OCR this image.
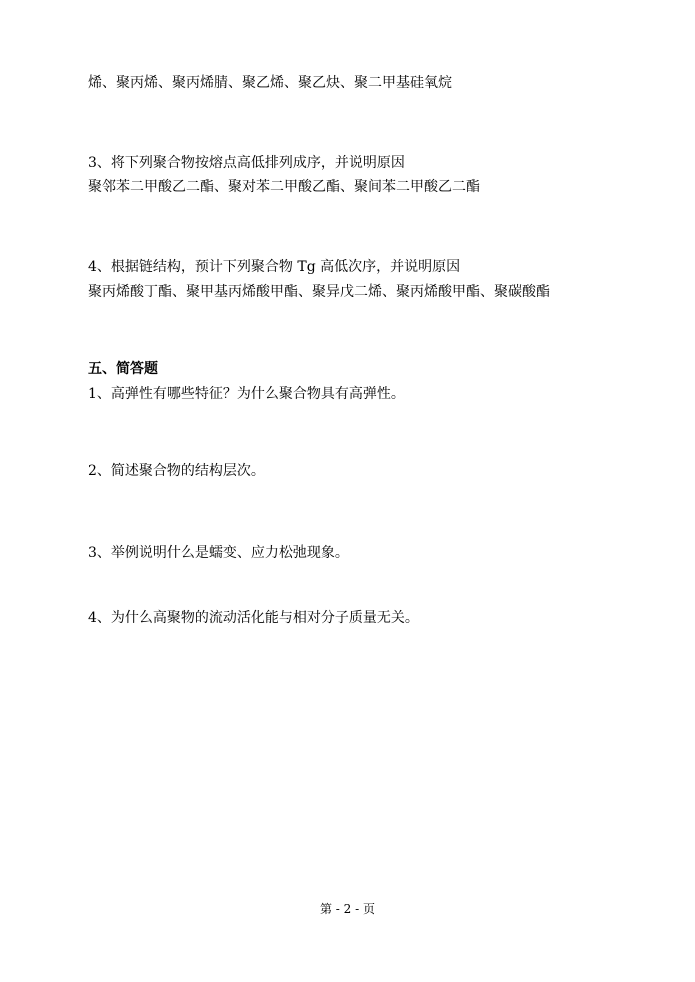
烯、聚丙烯、聚丙烯腈、聚乙烯、聚乙炔、聚二甲基硅氧烷
3、将下列聚合物按熔点高低排列成序，并说明原因
聚邻苯二甲酸乙二酯、聚对苯二甲酸乙酯、聚间苯二甲酸乙二酯
4、根据链结构，预计下列聚合物 Tg 高低次序，并说明原因
聚丙烯酸丁酯、聚甲基丙烯酸甲酯、聚异戊二烯、聚丙烯酸甲酯、聚碳酸酯
五、简答题
1、高弹性有哪些特征？为什么聚合物具有高弹性。
2、简述聚合物的结构层次。
3、举例说明什么是蠕变、应力松弛现象。
4、为什么高聚物的流动活化能与相对分子质量无关。
第 - 2 - 页
